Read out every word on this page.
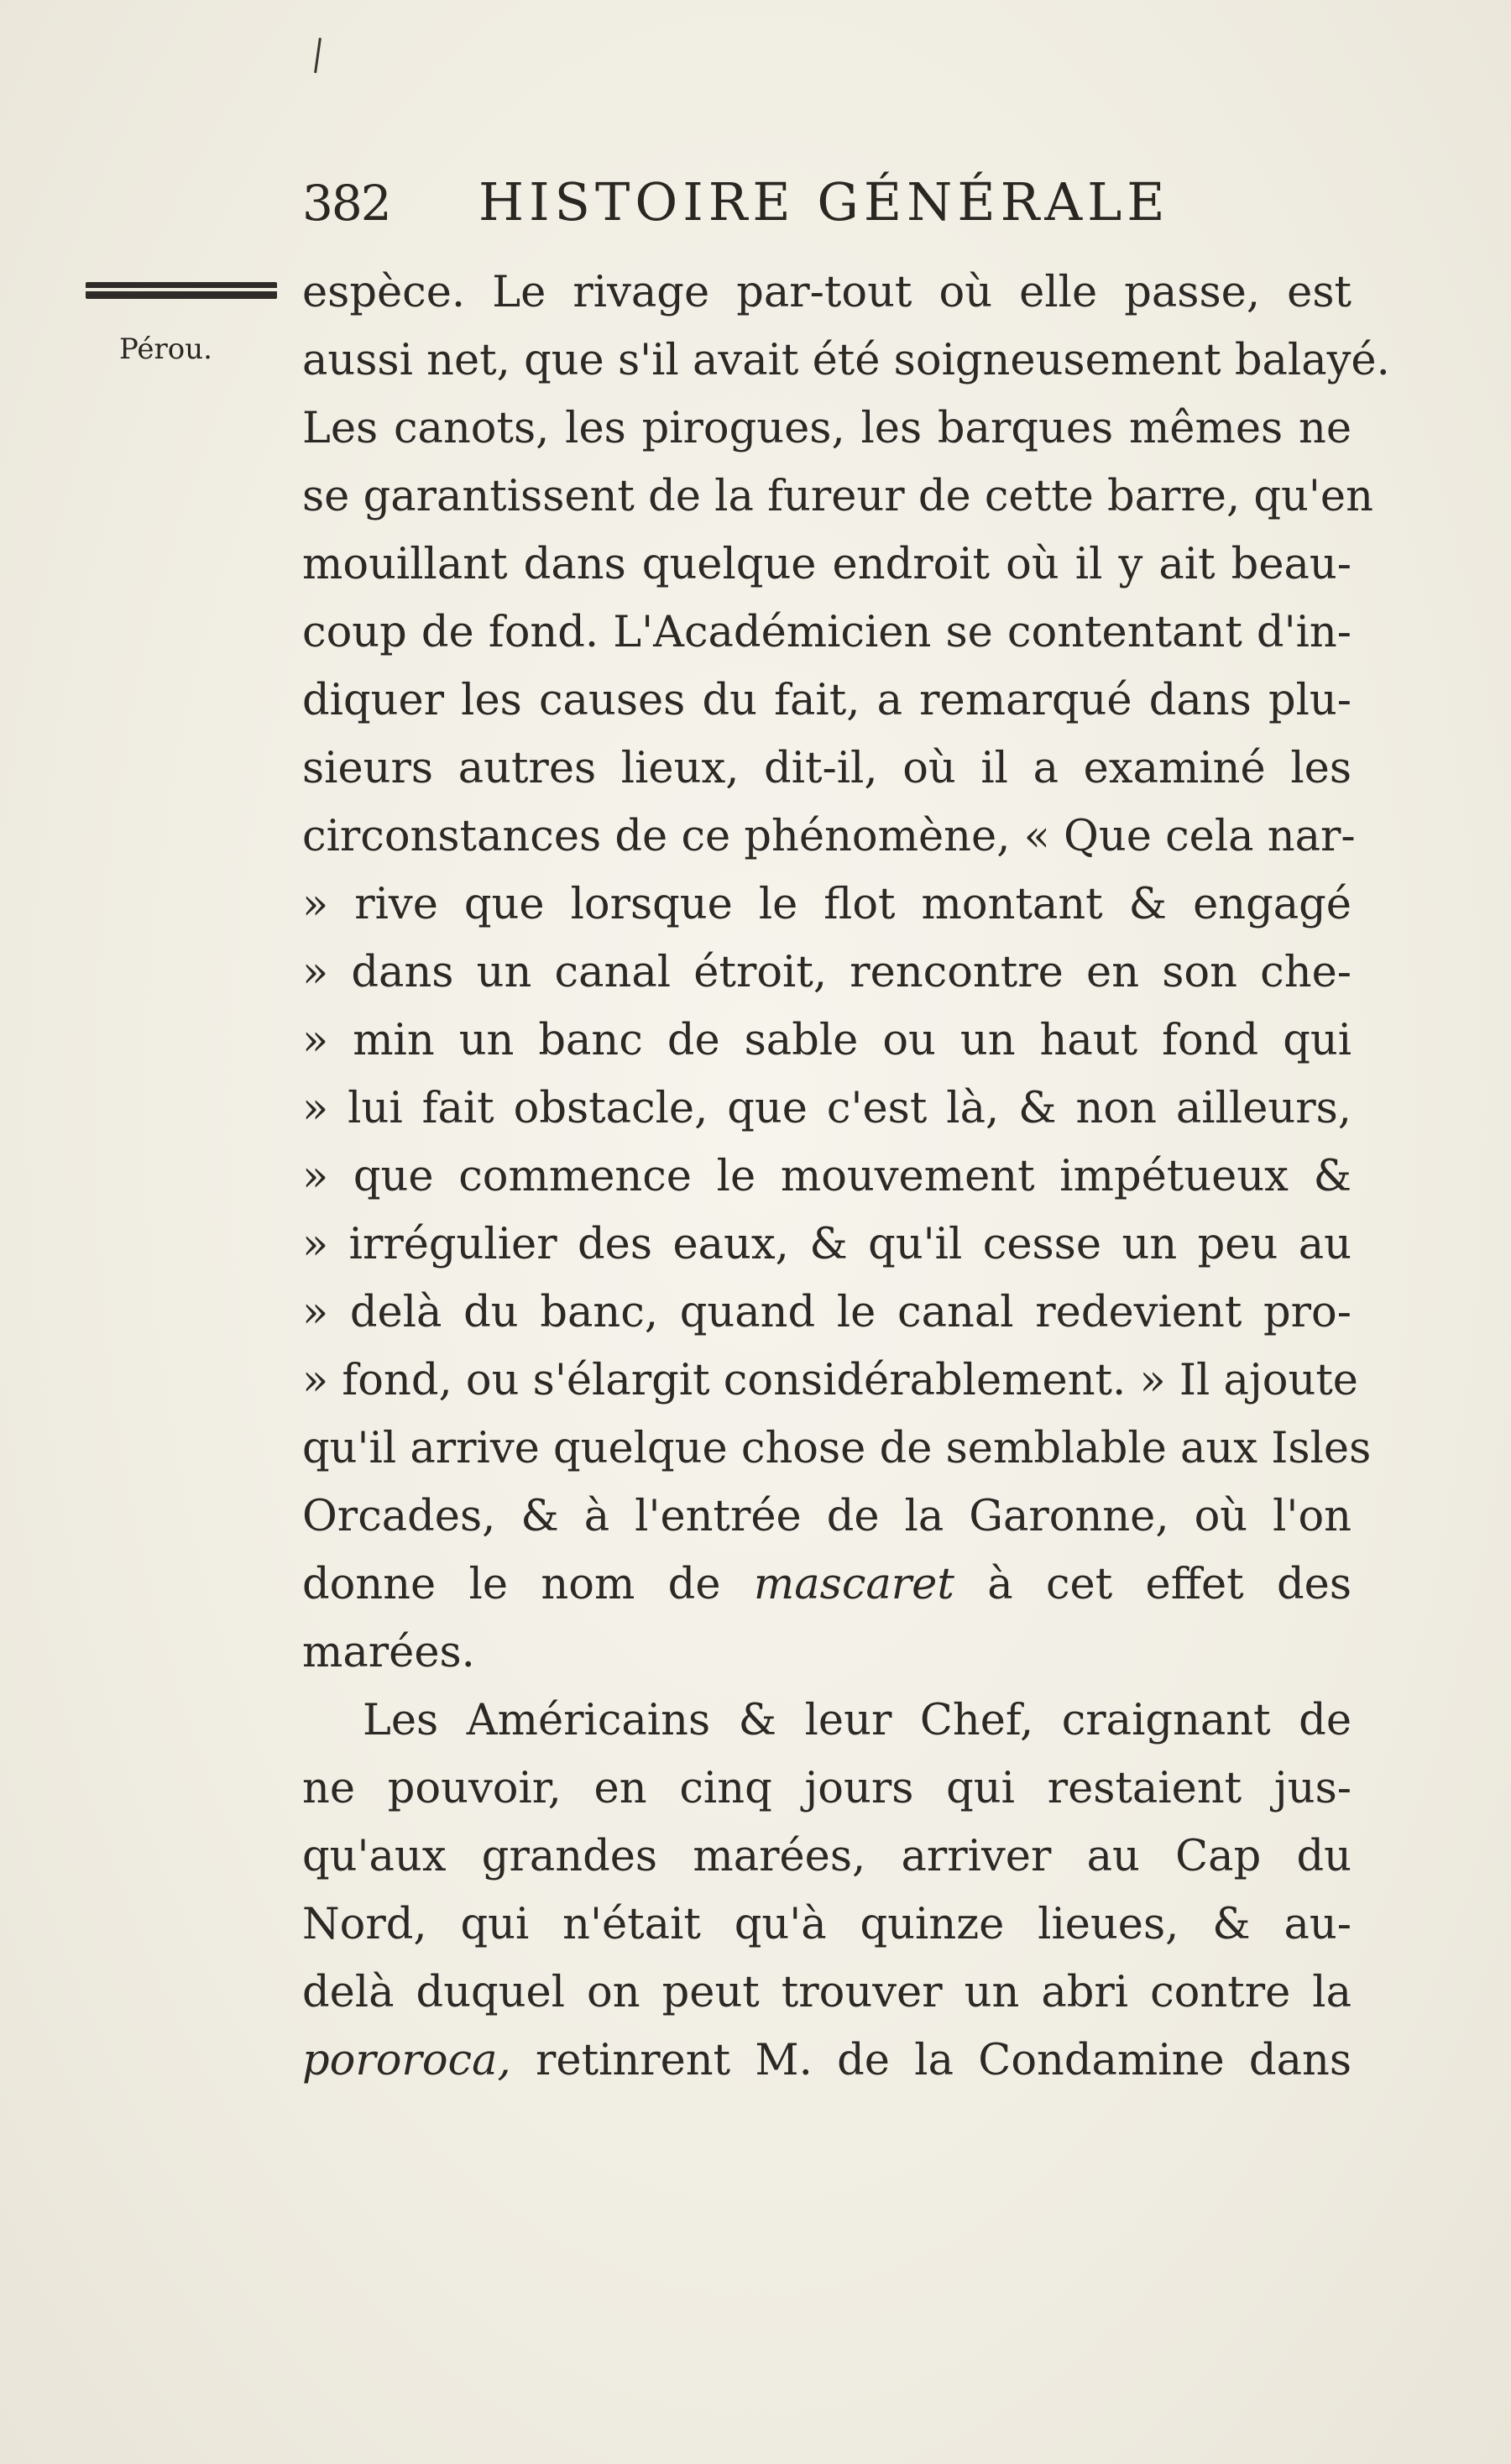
382 HISTOIRE GÉNÉRALE
Pérou.
espèce. Le rivage par-tout où elle passe, est
aussi net, que s'il avait été soigneusement balayé.
Les canots, les pirogues, les barques mêmes ne
se garantissent de la fureur de cette barre, qu'en
mouillant dans quelque endroit où il y ait beau-
coup de fond. L'Académicien se contentant d'in-
diquer les causes du fait, a remarqué dans plu-
sieurs autres lieux, dit-il, où il a examiné les
circonstances de ce phénomène, « Que cela nar-
» rive que lorsque le flot montant & engagé
» dans un canal étroit, rencontre en son che-
» min un banc de sable ou un haut fond qui
» lui fait obstacle, que c'est là, & non ailleurs,
» que commence le mouvement impétueux &
» irrégulier des eaux, & qu'il cesse un peu au
» delà du banc, quand le canal redevient pro-
» fond, ou s'élargit considérablement. » Il ajoute
qu'il arrive quelque chose de semblable aux Isles
Orcades, & à l'entrée de la Garonne, où l'on
donne le nom de mascaret à cet effet des
marées.
Les Américains & leur Chef, craignant de
ne pouvoir, en cinq jours qui restaient jus-
qu'aux grandes marées, arriver au Cap du
Nord, qui n'était qu'à quinze lieues, & au-
delà duquel on peut trouver un abri contre la
pororoca, retinrent M. de la Condamine dans
